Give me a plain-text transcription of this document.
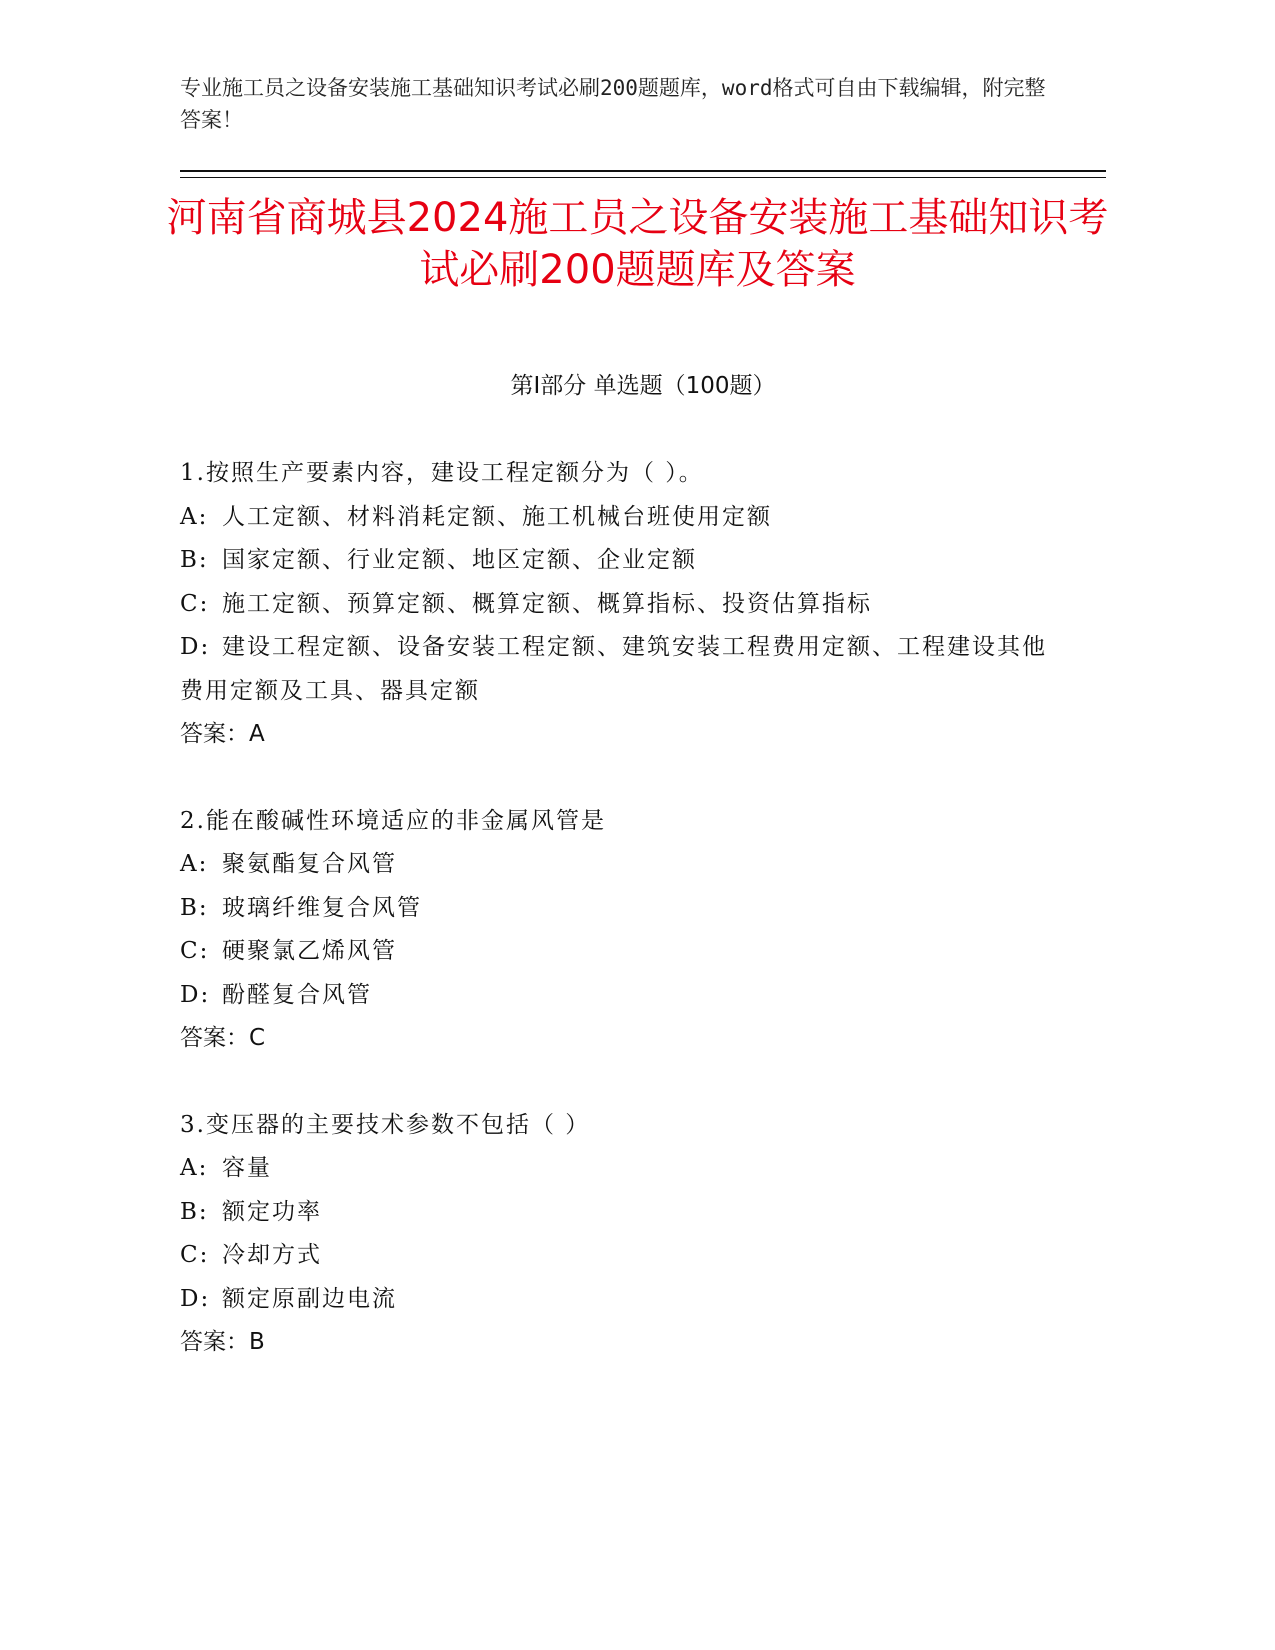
专业施工员之设备安装施工基础知识考试必刷200题题库，word格式可自由下载编辑，附完整答案！
河南省商城县2024施工员之设备安装施工基础知识考试必刷200题题库及答案
第Ⅰ部分 单选题（100题）
1.按照生产要素内容，建设工程定额分为（ ）。
A: 人工定额、材料消耗定额、施工机械台班使用定额
B: 国家定额、行业定额、地区定额、企业定额
C: 施工定额、预算定额、概算定额、概算指标、投资估算指标
D: 建设工程定额、设备安装工程定额、建筑安装工程费用定额、工程建设其他费用定额及工具、器具定额
答案：A
2.能在酸碱性环境适应的非金属风管是
A: 聚氨酯复合风管
B: 玻璃纤维复合风管
C: 硬聚氯乙烯风管
D: 酚醛复合风管
答案：C
3.变压器的主要技术参数不包括（ ）
A: 容量
B: 额定功率
C: 冷却方式
D: 额定原副边电流
答案：B
